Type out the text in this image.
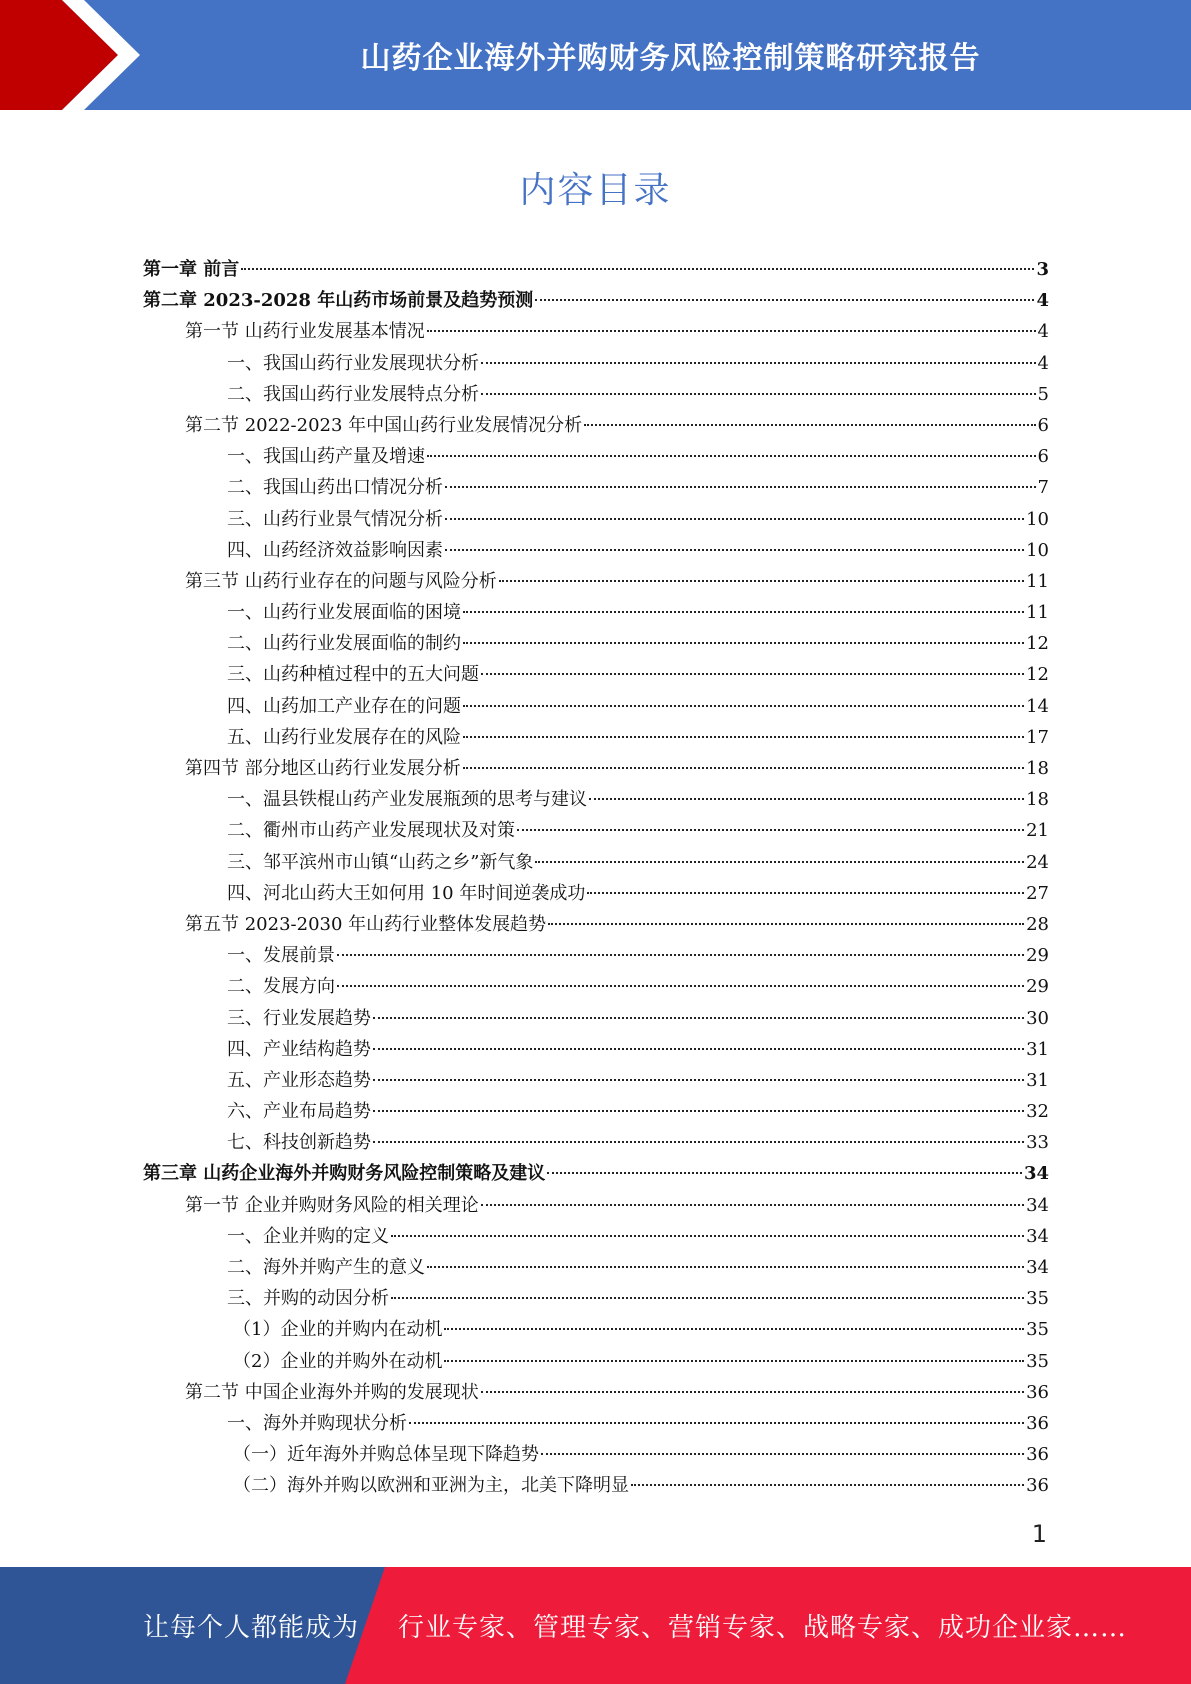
山药企业海外并购财务风险控制策略研究报告
内容目录
第一章 前言	3
第二章 2023-2028 年山药市场前景及趋势预测	4
第一节 山药行业发展基本情况	4
一、我国山药行业发展现状分析	4
二、我国山药行业发展特点分析	5
第二节 2022-2023 年中国山药行业发展情况分析	6
一、我国山药产量及增速	6
二、我国山药出口情况分析	7
三、山药行业景气情况分析	10
四、山药经济效益影响因素	10
第三节 山药行业存在的问题与风险分析	11
一、山药行业发展面临的困境	11
二、山药行业发展面临的制约	12
三、山药种植过程中的五大问题	12
四、山药加工产业存在的问题	14
五、山药行业发展存在的风险	17
第四节 部分地区山药行业发展分析	18
一、温县铁棍山药产业发展瓶颈的思考与建议	18
二、衢州市山药产业发展现状及对策	21
三、邹平滨州市山镇“山药之乡”新气象	24
四、河北山药大王如何用 10 年时间逆袭成功	27
第五节 2023-2030 年山药行业整体发展趋势	28
一、发展前景	29
二、发展方向	29
三、行业发展趋势	30
四、产业结构趋势	31
五、产业形态趋势	31
六、产业布局趋势	32
七、科技创新趋势	33
第三章 山药企业海外并购财务风险控制策略及建议	34
第一节 企业并购财务风险的相关理论	34
一、企业并购的定义	34
二、海外并购产生的意义	34
三、并购的动因分析	35
（1）企业的并购内在动机	35
（2）企业的并购外在动机	35
第二节 中国企业海外并购的发展现状	36
一、海外并购现状分析	36
（一）近年海外并购总体呈现下降趋势	36
（二）海外并购以欧洲和亚洲为主，北美下降明显	36
1
让每个人都能成为 行业专家、管理专家、营销专家、战略专家、成功企业家……
